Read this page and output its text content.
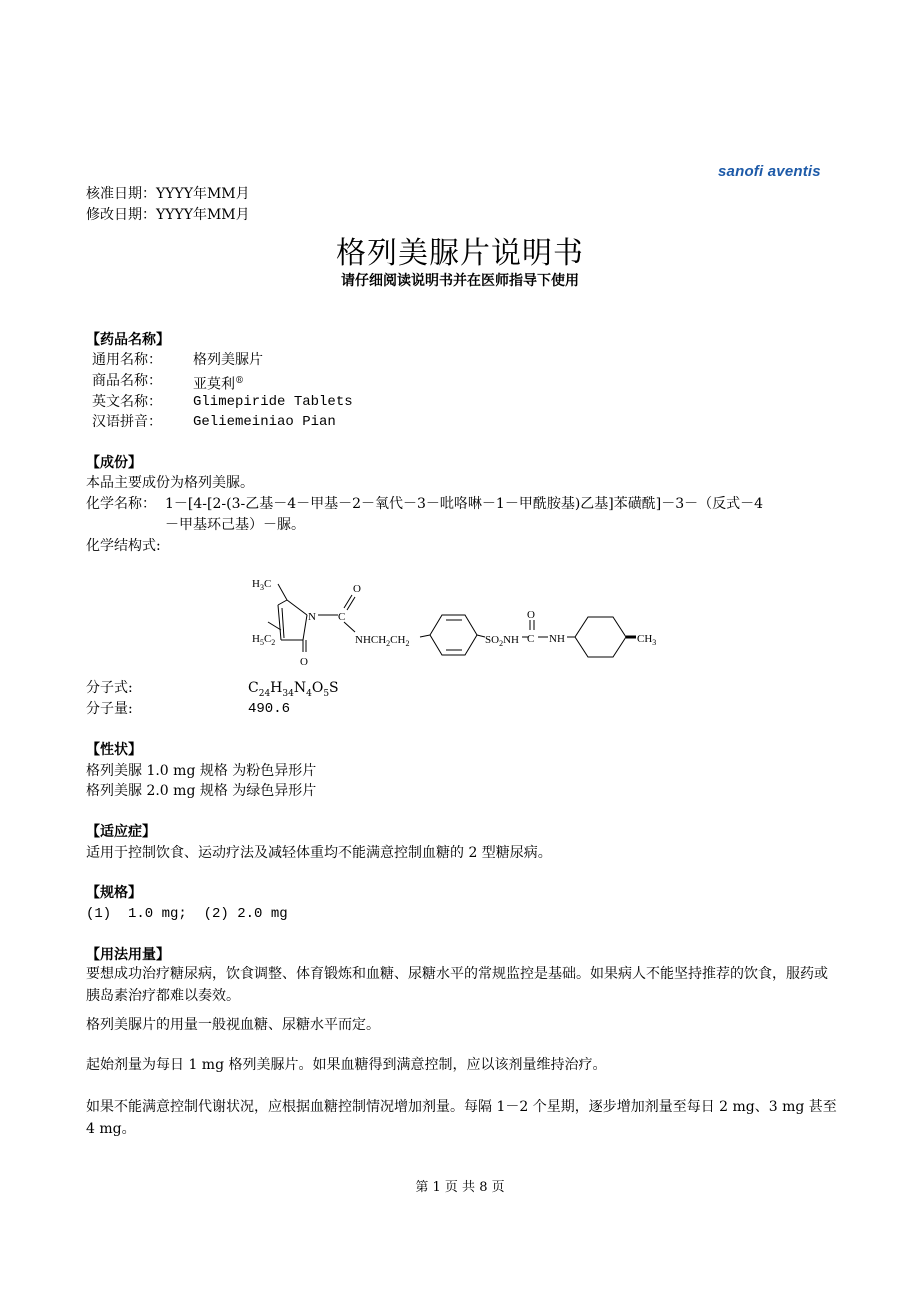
sanofi aventis
核准日期：YYYY年MM月
修改日期：YYYY年MM月
格列美脲片说明书
请仔细阅读说明书并在医师指导下使用
【药品名称】
通用名称： 格列美脲片
商品名称： 亚莫利®
英文名称： Glimepiride Tablets
汉语拼音： Geliemeiniao Pian
【成份】
本品主要成份为格列美脲。
化学名称： 1－[4-[2-(3-乙基－4－甲基－2－氧代－3－吡咯啉－1－甲酰胺基)乙基]苯磺酰]－3－（反式－4
－甲基环己基）－脲。
化学结构式:
$H_3C$
$H_5C_2$
N C
O
O
$NHCH_2CH_2$	$SO_2NH$ C
O
NH	$CH_3$
分子式:	$C_{24}H_{34}N_4O_5S$
分子量:	490.6
【性状】
格列美脲 1.0 mg 规格 为粉色异形片
格列美脲 2.0 mg 规格 为绿色异形片
【适应症】
适用于控制饮食、运动疗法及减轻体重均不能满意控制血糖的 2 型糖尿病。
【规格】
(1)  1.0 mg;  (2) 2.0 mg
【用法用量】
要想成功治疗糖尿病，饮食调整、体育锻炼和血糖、尿糖水平的常规监控是基础。如果病人不能坚持推荐的饮食，服药或胰岛素治疗都难以奏效。
格列美脲片的用量一般视血糖、尿糖水平而定。
起始剂量为每日 1 mg 格列美脲片。如果血糖得到满意控制，应以该剂量维持治疗。
如果不能满意控制代谢状况，应根据血糖控制情况增加剂量。每隔 1－2 个星期，逐步增加剂量至每日 2 mg、3 mg 甚至 4 mg。
第 1 页 共 8 页
